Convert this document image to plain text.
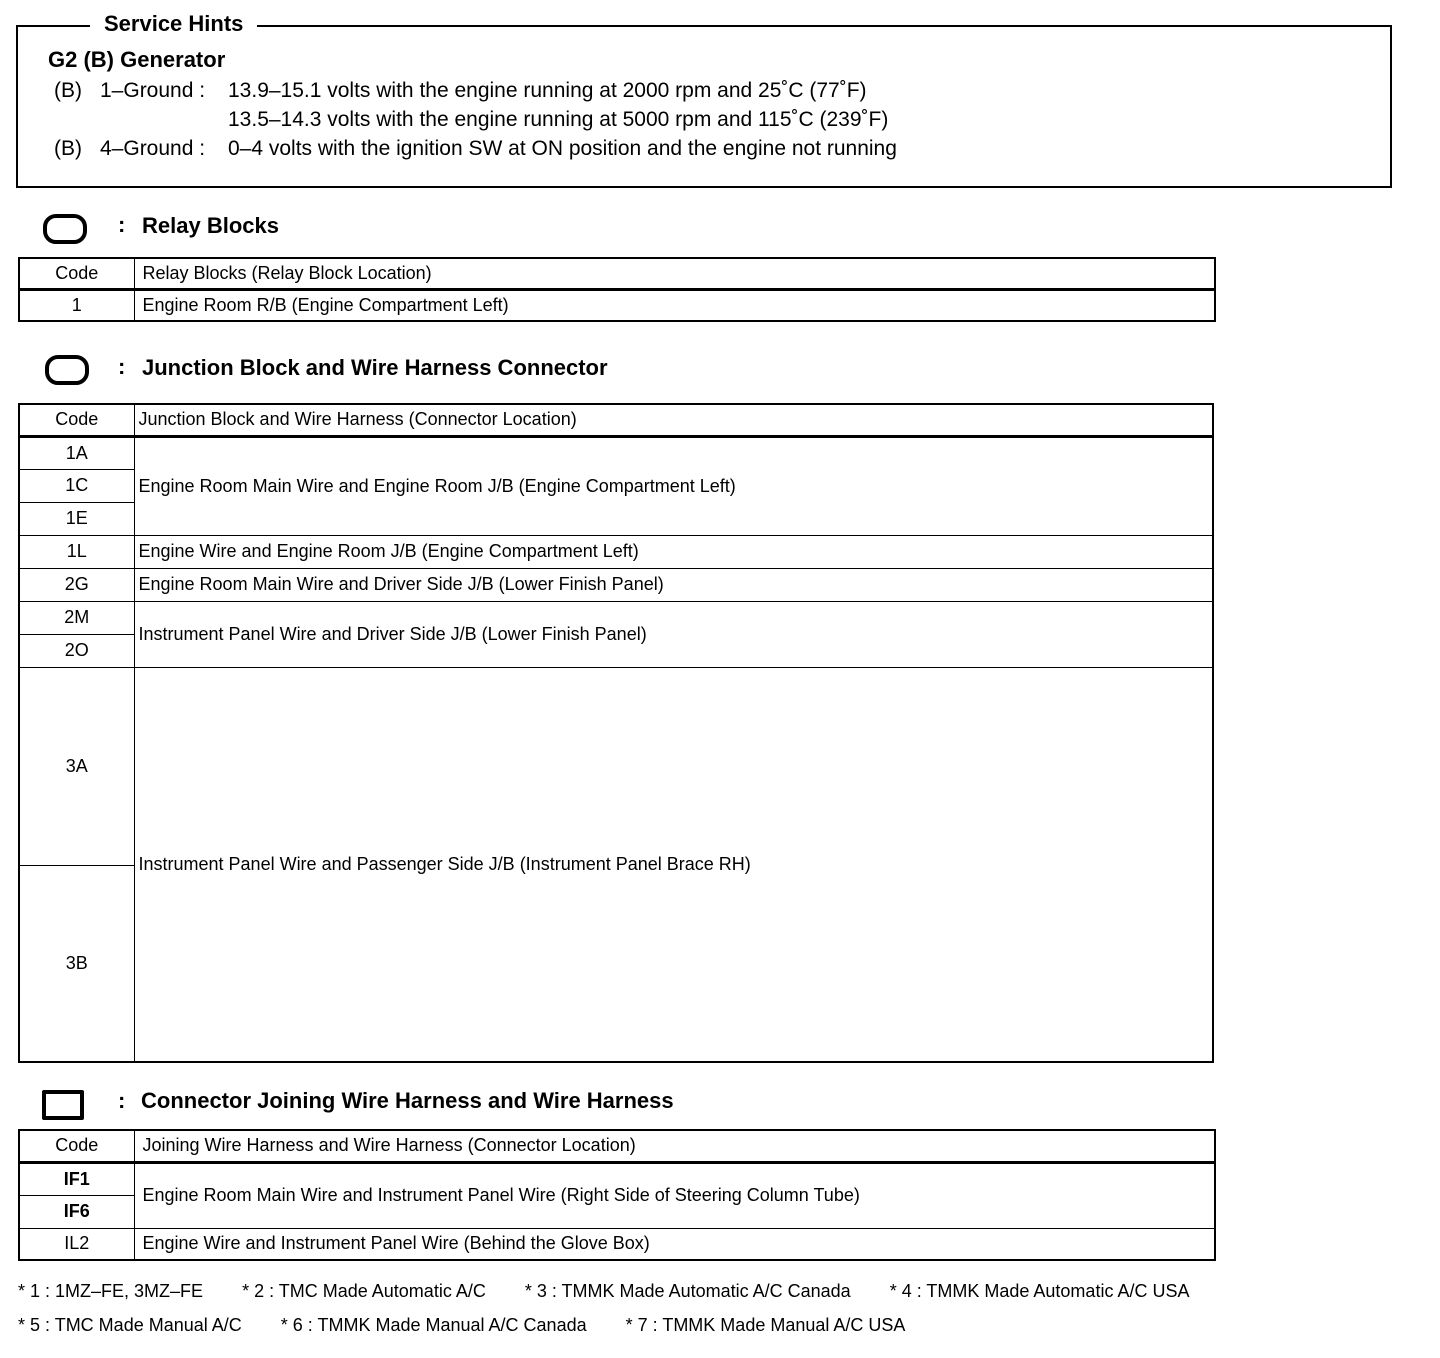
Service Hints
G2 (B) Generator
(B) 1–Ground : 13.9–15.1 volts with the engine running at 2000 rpm and 25˚C (77˚F)
13.5–14.3 volts with the engine running at 5000 rpm and 115˚C (239˚F)
(B) 4–Ground : 0–4 volts with the ignition SW at ON position and the engine not running
: Relay Blocks
Code	Relay Blocks (Relay Block Location)
1	Engine Room R/B (Engine Compartment Left)
: Junction Block and Wire Harness Connector
Code	Junction Block and Wire Harness (Connector Location)
1A	Engine Room Main Wire and Engine Room J/B (Engine Compartment Left)
1C	
1E	
1L	Engine Wire and Engine Room J/B (Engine Compartment Left)
2G	Engine Room Main Wire and Driver Side J/B (Lower Finish Panel)
2M	Instrument Panel Wire and Driver Side J/B (Lower Finish Panel)
2O	
3A	Instrument Panel Wire and Passenger Side J/B (Instrument Panel Brace RH)
3B	
: Connector Joining Wire Harness and Wire Harness
Code	Joining Wire Harness and Wire Harness (Connector Location)
IF1	Engine Room Main Wire and Instrument Panel Wire (Right Side of Steering Column Tube)
IF6	
IL2	Engine Wire and Instrument Panel Wire (Behind the Glove Box)
* 1 : 1MZ–FE, 3MZ–FE * 2 : TMC Made Automatic A/C * 3 : TMMK Made Automatic A/C Canada * 4 : TMMK Made Automatic A/C USA
* 5 : TMC Made Manual A/C * 6 : TMMK Made Manual A/C Canada * 7 : TMMK Made Manual A/C USA
